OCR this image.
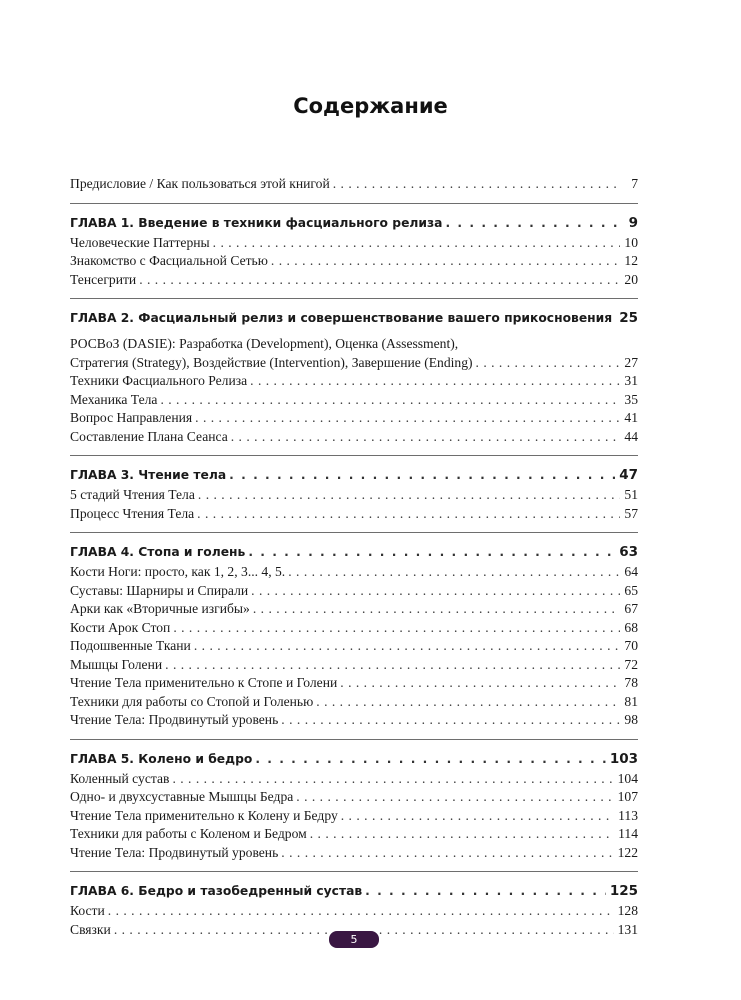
Содержание
Предисловие / Как пользоваться этой книгой . . .	7
ГЛАВА 1. Введение в техники фасциального релиза . . .	9
Человеческие Паттерны . . .	10
Знакомство с Фасциальной Сетью . . .	12
Тенсегрити . . .	20
ГЛАВА 2. Фасциальный релиз и совершенствование вашего прикосновения . . . 25
РОСВоЗ (DASIE): Разработка (Development), Оценка (Assessment),
Стратегия (Strategy), Воздействие (Intervention), Завершение (Ending) . . .	27
Техники Фасциального Релиза . . .	31
Механика Тела . . .	35
Вопрос Направления . . .	41
Составление Плана Сеанса . . .	44
ГЛАВА 3. Чтение тела . . .	47
5 стадий Чтения Тела . . .	51
Процесс Чтения Тела . . .	57
ГЛАВА 4. Стопа и голень . . .	63
Кости Ноги: просто, как 1, 2, 3... 4, 5. . . .	64
Суставы: Шарниры и Спирали . . .	65
Арки как «Вторичные изгибы» . . .	67
Кости Арок Стоп . . .	68
Подошвенные Ткани . . .	70
Мышцы Голени . . .	72
Чтение Тела применительно к Стопе и Голени . . .	78
Техники для работы со Стопой и Голенью . . .	81
Чтение Тела: Продвинутый уровень . . .	98
ГЛАВА 5. Колено и бедро . . .	103
Коленный сустав . . .	104
Одно- и двухсуставные Мышцы Бедра . . .	107
Чтение Тела применительно к Колену и Бедру . . .	113
Техники для работы с Коленом и Бедром . . .	114
Чтение Тела: Продвинутый уровень . . .	122
ГЛАВА 6. Бедро и тазобедренный сустав . . .	125
Кости . . .	128
Связки . . .	131
5
